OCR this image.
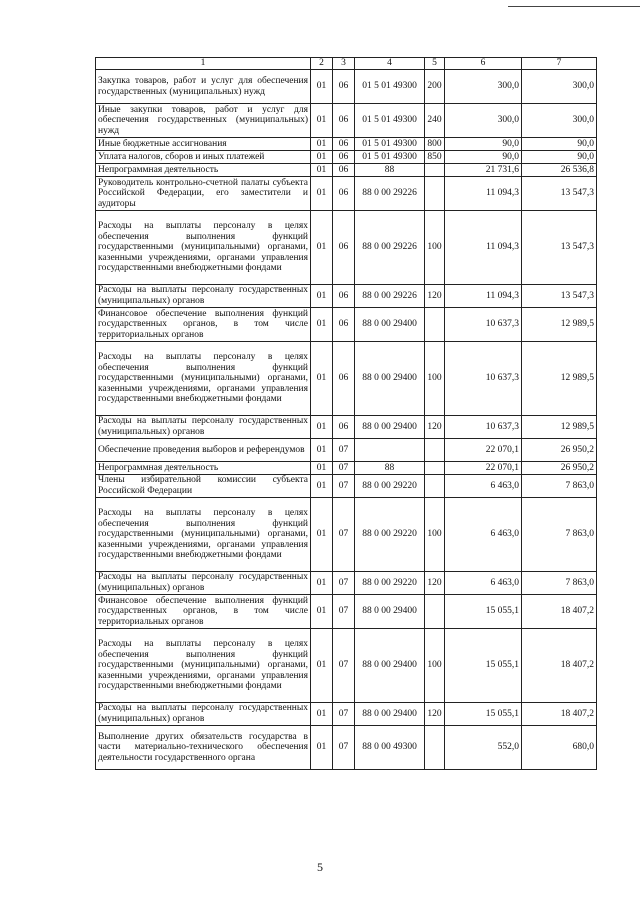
1	2	3	4	5	6	7
Закупка товаров, работ и услуг для обеспечения государственных (муниципальных) нужд	01	06	01 5 01 49300	200	300,0	300,0
Иные закупки товаров, работ и услуг для обеспечения государственных (муниципальных) нужд	01	06	01 5 01 49300	240	300,0	300,0
Иные бюджетные ассигнования	01	06	01 5 01 49300	800	90,0	90,0
Уплата налогов, сборов и иных платежей	01	06	01 5 01 49300	850	90,0	90,0
Непрограммная деятельность	01	06	88		21 731,6	26 536,8
Руководитель контрольно-счетной палаты субъекта Российской Федерации, его заместители и аудиторы	01	06	88 0 00 29226		11 094,3	13 547,3
Расходы на выплаты персоналу в целях обеспечения выполнения функций государственными (муниципальными) органами, казенными учреждениями, органами управления государственными внебюджетными фондами	01	06	88 0 00 29226	100	11 094,3	13 547,3
Расходы на выплаты персоналу государственных (муниципальных) органов	01	06	88 0 00 29226	120	11 094,3	13 547,3
Финансовое обеспечение выполнения функций государственных органов, в том числе территориальных органов	01	06	88 0 00 29400		10 637,3	12 989,5
Расходы на выплаты персоналу в целях обеспечения выполнения функций государственными (муниципальными) органами, казенными учреждениями, органами управления государственными внебюджетными фондами	01	06	88 0 00 29400	100	10 637,3	12 989,5
Расходы на выплаты персоналу государственных (муниципальных) органов	01	06	88 0 00 29400	120	10 637,3	12 989,5
Обеспечение проведения выборов и референдумов	01	07			22 070,1	26 950,2
Непрограммная деятельность	01	07	88		22 070,1	26 950,2
Члены избирательной комиссии субъекта Российской Федерации	01	07	88 0 00 29220		6 463,0	7 863,0
Расходы на выплаты персоналу в целях обеспечения выполнения функций государственными (муниципальными) органами, казенными учреждениями, органами управления государственными внебюджетными фондами	01	07	88 0 00 29220	100	6 463,0	7 863,0
Расходы на выплаты персоналу государственных (муниципальных) органов	01	07	88 0 00 29220	120	6 463,0	7 863,0
Финансовое обеспечение выполнения функций государственных органов, в том числе территориальных органов	01	07	88 0 00 29400		15 055,1	18 407,2
Расходы на выплаты персоналу в целях обеспечения выполнения функций государственными (муниципальными) органами, казенными учреждениями, органами управления государственными внебюджетными фондами	01	07	88 0 00 29400	100	15 055,1	18 407,2
Расходы на выплаты персоналу государственных (муниципальных) органов	01	07	88 0 00 29400	120	15 055,1	18 407,2
Выполнение других обязательств государства в части материально-технического обеспечения деятельности государственного органа	01	07	88 0 00 49300		552,0	680,0
5
